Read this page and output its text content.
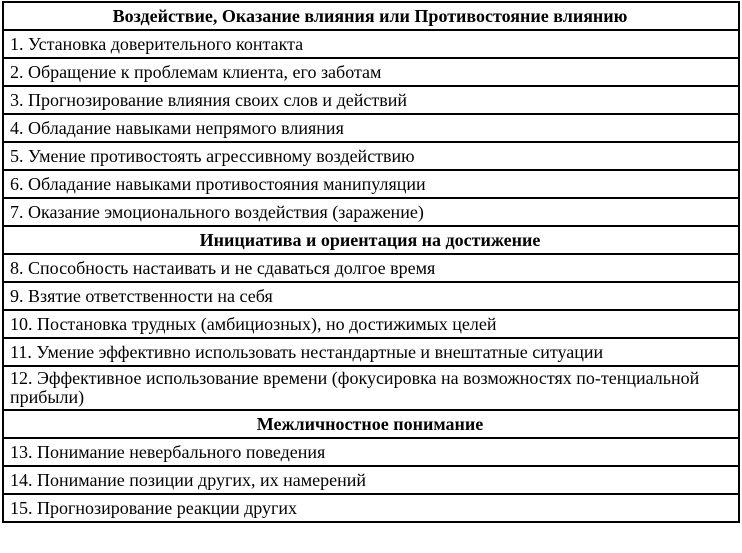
Воздействие, Оказание влияния или Противостояние влиянию
1. Установка доверительного контакта
2. Обращение к проблемам клиента, его заботам
3. Прогнозирование влияния своих слов и действий
4. Обладание навыками непрямого влияния
5. Умение противостоять агрессивному воздействию
6. Обладание навыками противостояния манипуляции
7. Оказание эмоционального воздействия (заражение)
Инициатива и ориентация на достижение
8. Способность настаивать и не сдаваться долгое время
9. Взятие ответственности на себя
10. Постановка трудных (амбициозных), но достижимых целей
11. Умение эффективно использовать нестандартные и внештатные ситуации
12. Эффективное использование времени (фокусировка на возможностях по-тенциальной прибыли)
Межличностное понимание
13. Понимание невербального поведения
14. Понимание позиции других, их намерений
15. Прогнозирование реакции других
